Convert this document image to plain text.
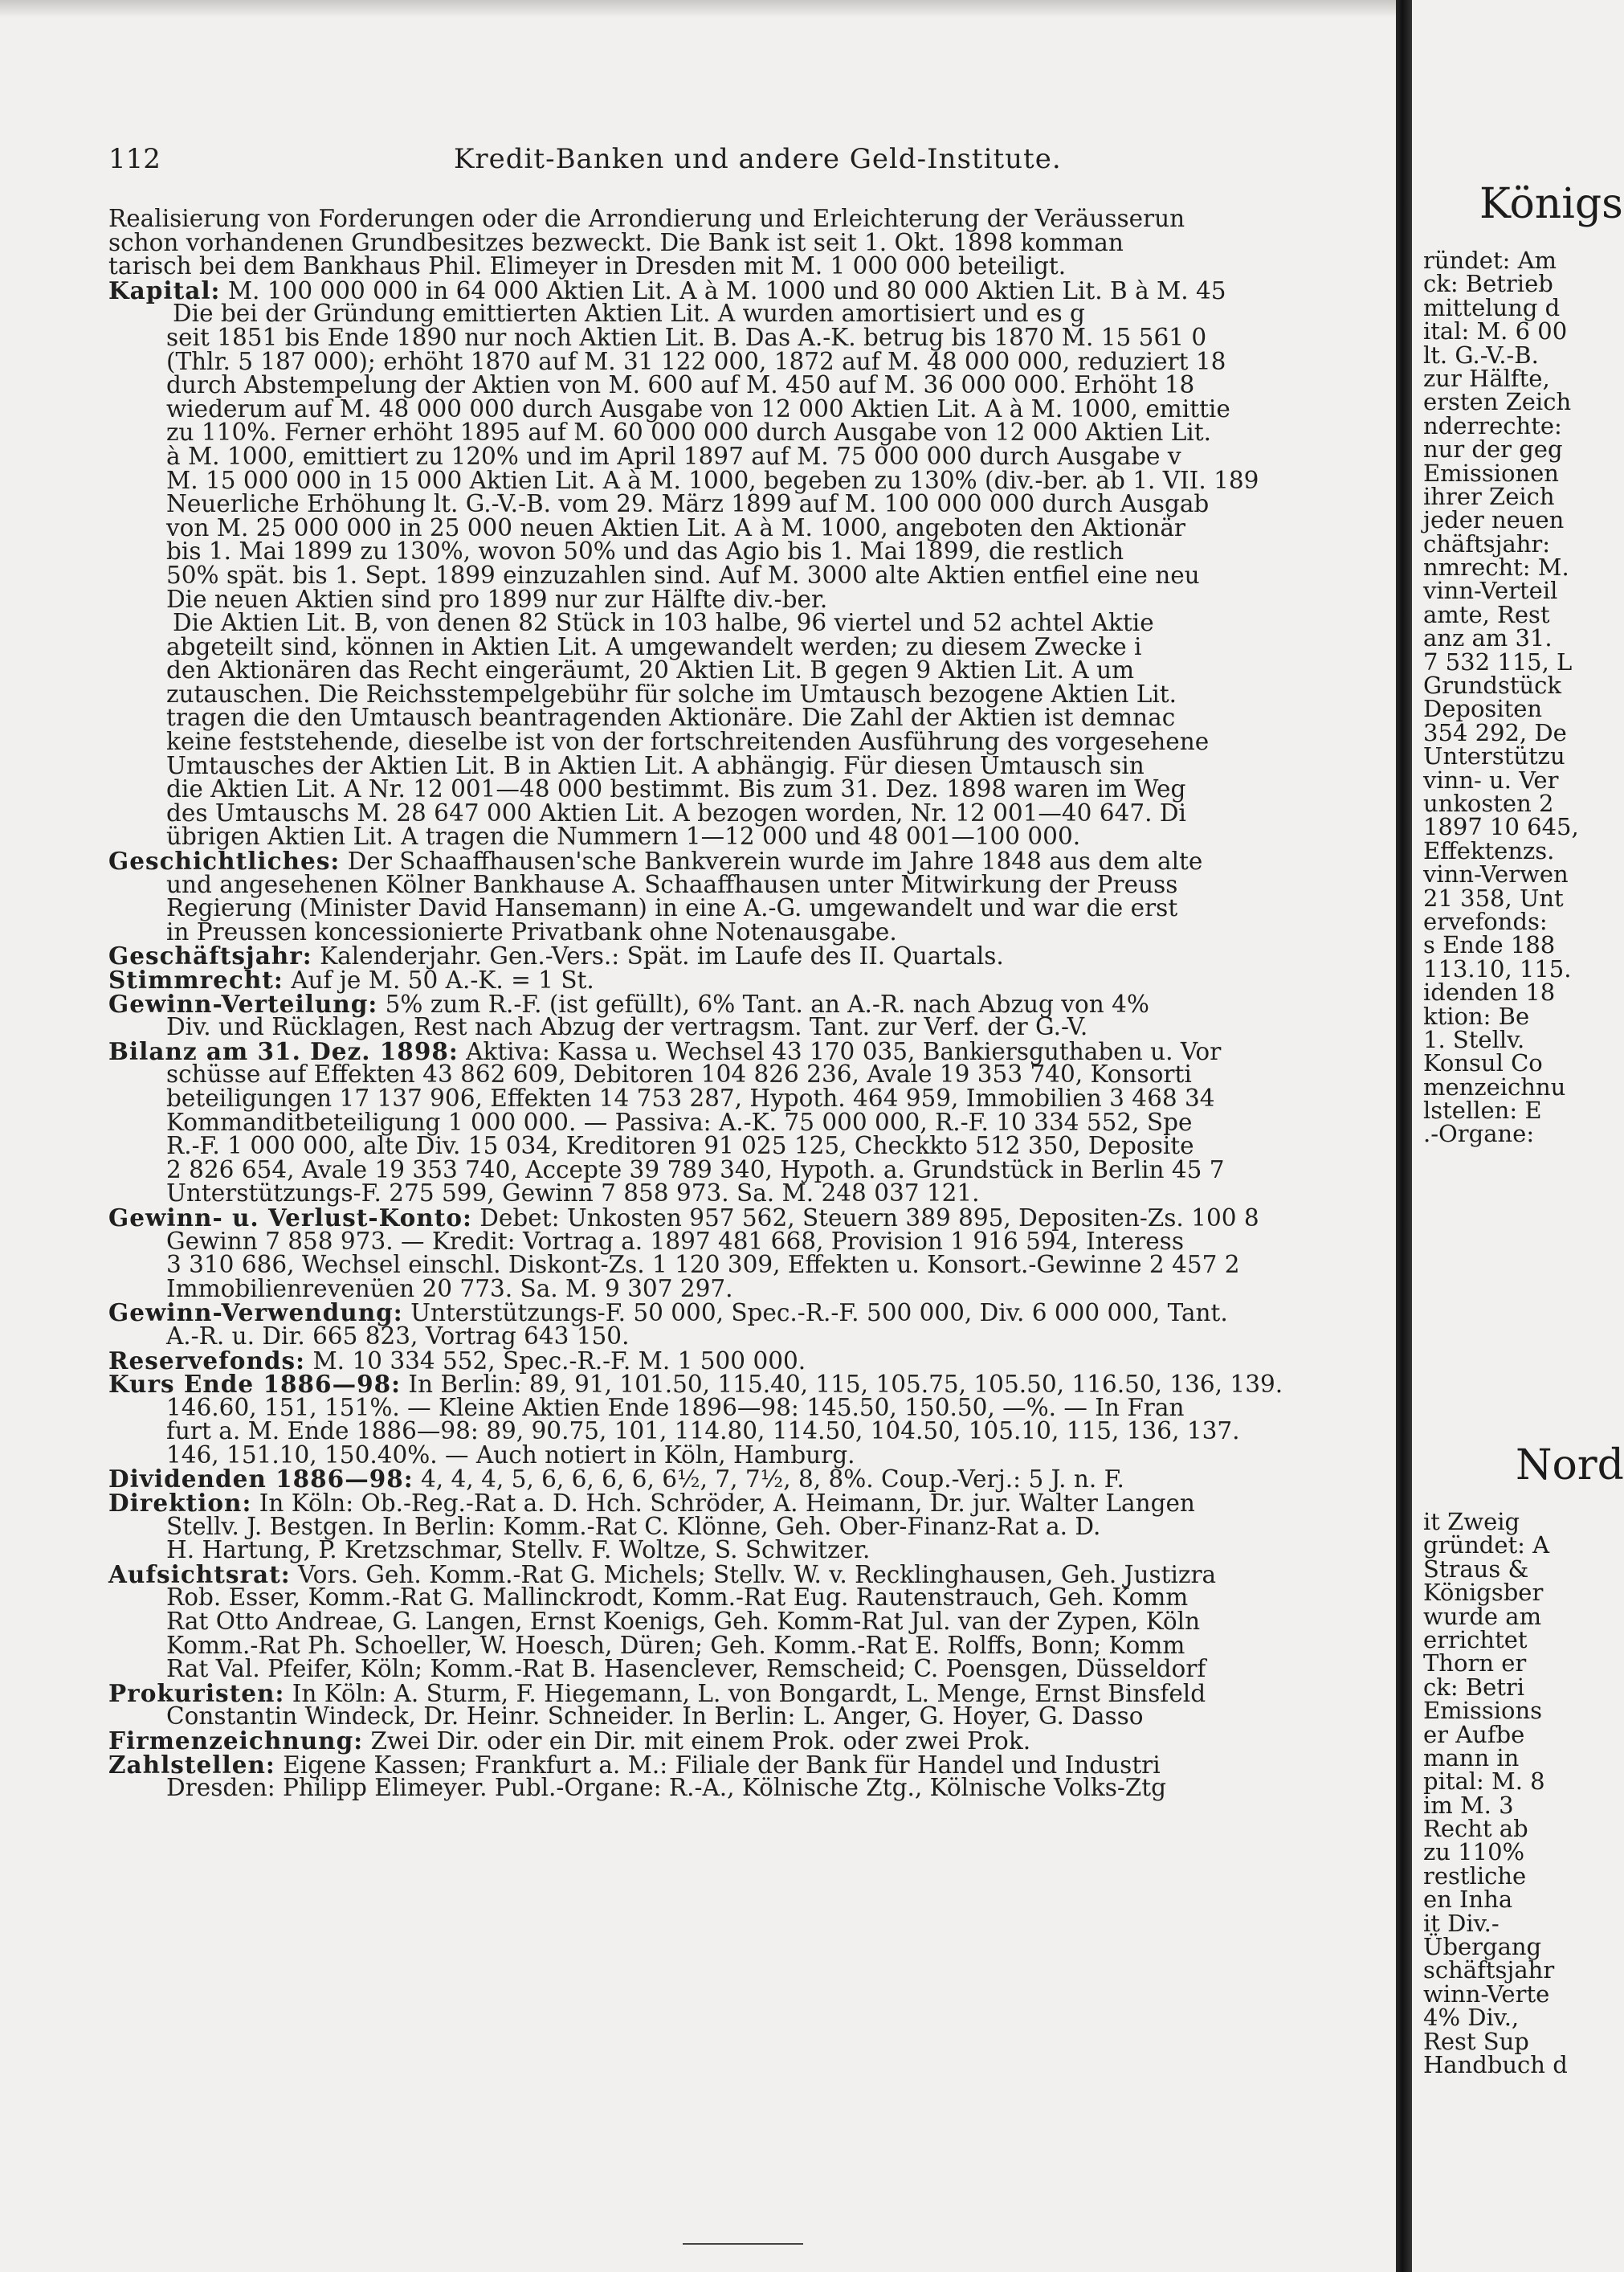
112	Kredit-Banken und andere Geld-Institute.
Realisierung von Forderungen oder die Arrondierung und Erleichterung der Veräusserun
schon vorhandenen Grundbesitzes bezweckt. Die Bank ist seit 1. Okt. 1898 komman
tarisch bei dem Bankhaus Phil. Elimeyer in Dresden mit M. 1 000 000 beteiligt.
Kapital: M. 100 000 000 in 64 000 Aktien Lit. A à M. 1000 und 80 000 Aktien Lit. B à M. 45
Die bei der Gründung emittierten Aktien Lit. A wurden amortisiert und es g
seit 1851 bis Ende 1890 nur noch Aktien Lit. B. Das A.-K. betrug bis 1870 M. 15 561 0
(Thlr. 5 187 000); erhöht 1870 auf M. 31 122 000, 1872 auf M. 48 000 000, reduziert 18
durch Abstempelung der Aktien von M. 600 auf M. 450 auf M. 36 000 000. Erhöht 18
wiederum auf M. 48 000 000 durch Ausgabe von 12 000 Aktien Lit. A à M. 1000, emittie
zu 110%. Ferner erhöht 1895 auf M. 60 000 000 durch Ausgabe von 12 000 Aktien Lit.
à M. 1000, emittiert zu 120% und im April 1897 auf M. 75 000 000 durch Ausgabe v
M. 15 000 000 in 15 000 Aktien Lit. A à M. 1000, begeben zu 130% (div.-ber. ab 1. VII. 189
Neuerliche Erhöhung lt. G.-V.-B. vom 29. März 1899 auf M. 100 000 000 durch Ausgab
von M. 25 000 000 in 25 000 neuen Aktien Lit. A à M. 1000, angeboten den Aktionär
bis 1. Mai 1899 zu 130%, wovon 50% und das Agio bis 1. Mai 1899, die restlich
50% spät. bis 1. Sept. 1899 einzuzahlen sind. Auf M. 3000 alte Aktien entfiel eine neu
Die neuen Aktien sind pro 1899 nur zur Hälfte div.-ber.
Die Aktien Lit. B, von denen 82 Stück in 103 halbe, 96 viertel und 52 achtel Aktie
abgeteilt sind, können in Aktien Lit. A umgewandelt werden; zu diesem Zwecke i
den Aktionären das Recht eingeräumt, 20 Aktien Lit. B gegen 9 Aktien Lit. A um
zutauschen. Die Reichsstempelgebühr für solche im Umtausch bezogene Aktien Lit.
tragen die den Umtausch beantragenden Aktionäre. Die Zahl der Aktien ist demnac
keine feststehende, dieselbe ist von der fortschreitenden Ausführung des vorgesehene
Umtausches der Aktien Lit. B in Aktien Lit. A abhängig. Für diesen Umtausch sin
die Aktien Lit. A Nr. 12 001—48 000 bestimmt. Bis zum 31. Dez. 1898 waren im Weg
des Umtauschs M. 28 647 000 Aktien Lit. A bezogen worden, Nr. 12 001—40 647. Di
übrigen Aktien Lit. A tragen die Nummern 1—12 000 und 48 001—100 000.
Geschichtliches: Der Schaaffhausen'sche Bankverein wurde im Jahre 1848 aus dem alte
und angesehenen Kölner Bankhause A. Schaaffhausen unter Mitwirkung der Preuss
Regierung (Minister David Hansemann) in eine A.-G. umgewandelt und war die erst
in Preussen koncessionierte Privatbank ohne Notenausgabe.
Geschäftsjahr: Kalenderjahr. Gen.-Vers.: Spät. im Laufe des II. Quartals.
Stimmrecht: Auf je M. 50 A.-K. = 1 St.
Gewinn-Verteilung: 5% zum R.-F. (ist gefüllt), 6% Tant. an A.-R. nach Abzug von 4%
Div. und Rücklagen, Rest nach Abzug der vertragsm. Tant. zur Verf. der G.-V.
Bilanz am 31. Dez. 1898: Aktiva: Kassa u. Wechsel 43 170 035, Bankiersguthaben u. Vor
schüsse auf Effekten 43 862 609, Debitoren 104 826 236, Avale 19 353 740, Konsorti
beteiligungen 17 137 906, Effekten 14 753 287, Hypoth. 464 959, Immobilien 3 468 34
Kommanditbeteiligung 1 000 000. — Passiva: A.-K. 75 000 000, R.-F. 10 334 552, Spe
R.-F. 1 000 000, alte Div. 15 034, Kreditoren 91 025 125, Checkkto 512 350, Deposite
2 826 654, Avale 19 353 740, Accepte 39 789 340, Hypoth. a. Grundstück in Berlin 45 7
Unterstützungs-F. 275 599, Gewinn 7 858 973. Sa. M. 248 037 121.
Gewinn- u. Verlust-Konto: Debet: Unkosten 957 562, Steuern 389 895, Depositen-Zs. 100 8
Gewinn 7 858 973. — Kredit: Vortrag a. 1897 481 668, Provision 1 916 594, Interess
3 310 686, Wechsel einschl. Diskont-Zs. 1 120 309, Effekten u. Konsort.-Gewinne 2 457 2
Immobilienrevenüen 20 773. Sa. M. 9 307 297.
Gewinn-Verwendung: Unterstützungs-F. 50 000, Spec.-R.-F. 500 000, Div. 6 000 000, Tant.
A.-R. u. Dir. 665 823, Vortrag 643 150.
Reservefonds: M. 10 334 552, Spec.-R.-F. M. 1 500 000.
Kurs Ende 1886—98: In Berlin: 89, 91, 101.50, 115.40, 115, 105.75, 105.50, 116.50, 136, 139.
146.60, 151, 151%. — Kleine Aktien Ende 1896—98: 145.50, 150.50, —%. — In Fran
furt a. M. Ende 1886—98: 89, 90.75, 101, 114.80, 114.50, 104.50, 105.10, 115, 136, 137.
146, 151.10, 150.40%. — Auch notiert in Köln, Hamburg.
Dividenden 1886—98: 4, 4, 4, 5, 6, 6, 6, 6, 6½, 7, 7½, 8, 8%. Coup.-Verj.: 5 J. n. F.
Direktion: In Köln: Ob.-Reg.-Rat a. D. Hch. Schröder, A. Heimann, Dr. jur. Walter Langen
Stellv. J. Bestgen. In Berlin: Komm.-Rat C. Klönne, Geh. Ober-Finanz-Rat a. D.
H. Hartung, P. Kretzschmar, Stellv. F. Woltze, S. Schwitzer.
Aufsichtsrat: Vors. Geh. Komm.-Rat G. Michels; Stellv. W. v. Recklinghausen, Geh. Justizra
Rob. Esser, Komm.-Rat G. Mallinckrodt, Komm.-Rat Eug. Rautenstrauch, Geh. Komm
Rat Otto Andreae, G. Langen, Ernst Koenigs, Geh. Komm-Rat Jul. van der Zypen, Köln
Komm.-Rat Ph. Schoeller, W. Hoesch, Düren; Geh. Komm.-Rat E. Rolffs, Bonn; Komm
Rat Val. Pfeifer, Köln; Komm.-Rat B. Hasenclever, Remscheid; C. Poensgen, Düsseldorf
Prokuristen: In Köln: A. Sturm, F. Hiegemann, L. von Bongardt, L. Menge, Ernst Binsfeld
Constantin Windeck, Dr. Heinr. Schneider. In Berlin: L. Anger, G. Hoyer, G. Dasso
Firmenzeichnung: Zwei Dir. oder ein Dir. mit einem Prok. oder zwei Prok.
Zahlstellen: Eigene Kassen; Frankfurt a. M.: Filiale der Bank für Handel und Industri
Dresden: Philipp Elimeyer. Publ.-Organe: R.-A., Kölnische Ztg., Kölnische Volks-Ztg
Königs
ründet: Am
ck: Betrieb
mittelung d
ital: M. 6 00
lt. G.-V.-B.
zur Hälfte,
ersten Zeich
nderrechte:
nur der geg
Emissionen
ihrer Zeich
jeder neuen
chäftsjahr:
nmrecht: M.
vinn-Verteil
amte, Rest
anz am 31.
7 532 115, L
Grundstück
Depositen
354 292, De
Unterstützu
vinn- u. Ver
unkosten 2
1897 10 645,
Effektenzs.
vinn-Verwen
21 358, Unt
ervefonds:
s Ende 188
113.10, 115.
idenden 18
ktion: Be
1. Stellv.
Konsul Co
menzeichnu
lstellen: E
.-Organe:
Nord
it Zweig
gründet: A
Straus &
Königsber
wurde am
errichtet
Thorn er
ck: Betri
Emissions
er Aufbe
mann in
pital: M. 8
im M. 3
Recht ab
zu 110%
restliche
en Inha
it Div.-
Übergang
schäftsjahr
winn-Verte
4% Div.,
Rest Sup
Handbuch d
